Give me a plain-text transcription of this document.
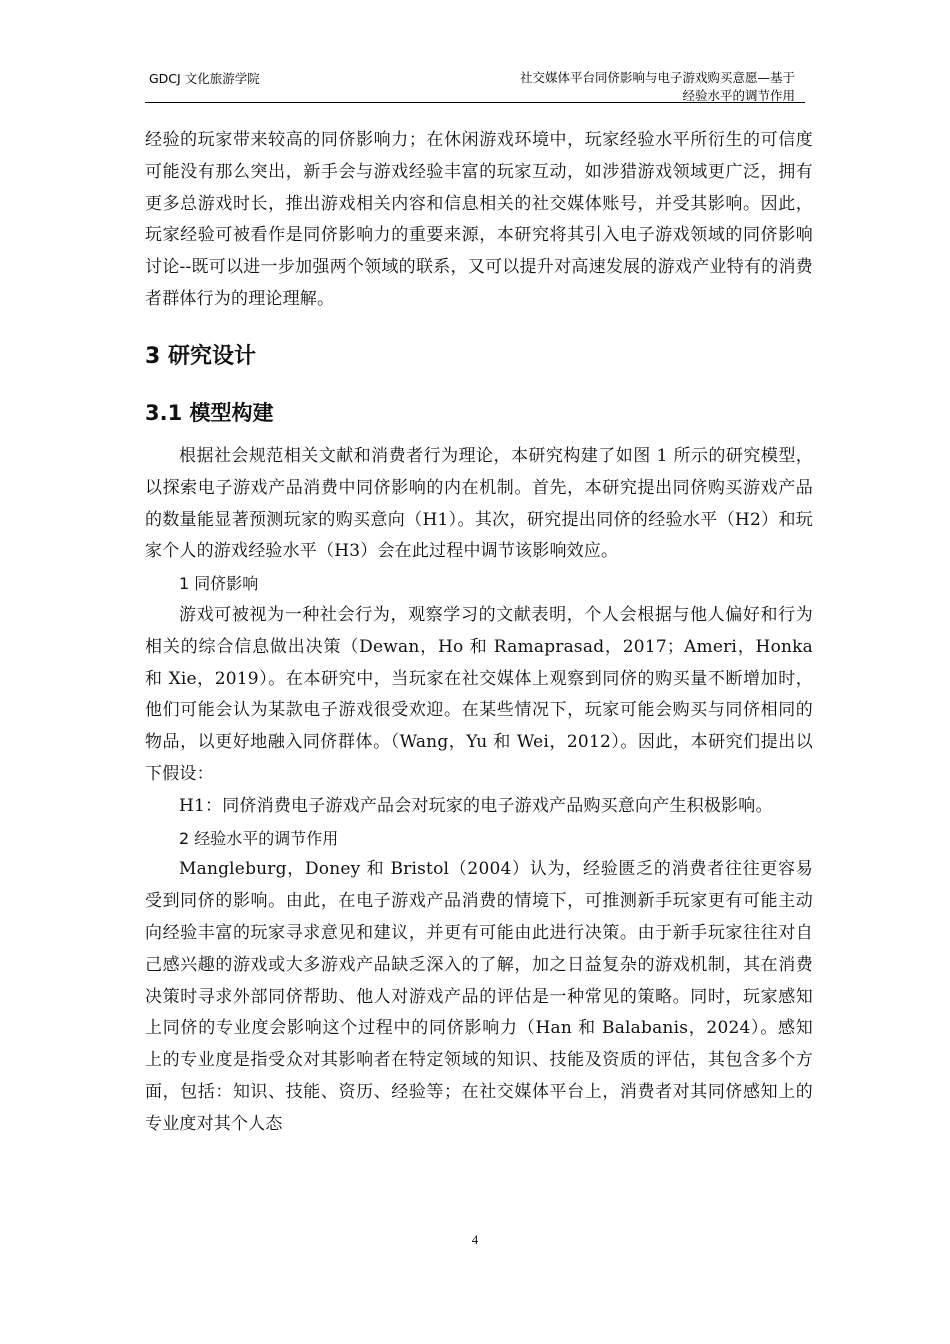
GDCJ 文化旅游学院	社交媒体平台同侪影响与电子游戏购买意愿—基于
经验水平的调节作用

经验的玩家带来较高的同侪影响力；在休闲游戏环境中，玩家经验水平所衍生的可信度可能没有那么突出，新手会与游戏经验丰富的玩家互动，如涉猎游戏领域更广泛，拥有更多总游戏时长，推出游戏相关内容和信息相关的社交媒体账号，并受其影响。因此，玩家经验可被看作是同侪影响力的重要来源，本研究将其引入电子游戏领域的同侪影响讨论--既可以进一步加强两个领域的联系，又可以提升对高速发展的游戏产业特有的消费者群体行为的理论理解。

3 研究设计
3.1 模型构建

根据社会规范相关文献和消费者行为理论，本研究构建了如图 1 所示的研究模型，以探索电子游戏产品消费中同侪影响的内在机制。首先，本研究提出同侪购买游戏产品的数量能显著预测玩家的购买意向（H1）。其次，研究提出同侪的经验水平（H2）和玩家个人的游戏经验水平（H3）会在此过程中调节该影响效应。

1 同侪影响

游戏可被视为一种社会行为，观察学习的文献表明，个人会根据与他人偏好和行为相关的综合信息做出决策（Dewan，Ho 和 Ramaprasad，2017；Ameri，Honka 和 Xie，2019）。在本研究中，当玩家在社交媒体上观察到同侪的购买量不断增加时，他们可能会认为某款电子游戏很受欢迎。在某些情况下，玩家可能会购买与同侪相同的物品，以更好地融入同侪群体。（Wang，Yu 和 Wei，2012）。因此，本研究们提出以下假设：

H1：同侪消费电子游戏产品会对玩家的电子游戏产品购买意向产生积极影响。

2 经验水平的调节作用

Mangleburg，Doney 和 Bristol（2004）认为，经验匮乏的消费者往往更容易受到同侪的影响。由此，在电子游戏产品消费的情境下，可推测新手玩家更有可能主动向经验丰富的玩家寻求意见和建议，并更有可能由此进行决策。由于新手玩家往往对自己感兴趣的游戏或大多游戏产品缺乏深入的了解，加之日益复杂的游戏机制，其在消费决策时寻求外部同侪帮助、他人对游戏产品的评估是一种常见的策略。同时，玩家感知上同侪的专业度会影响这个过程中的同侪影响力（Han 和 Balabanis，2024）。感知上的专业度是指受众对其影响者在特定领域的知识、技能及资质的评估，其包含多个方面，包括：知识、技能、资历、经验等；在社交媒体平台上，消费者对其同侪感知上的专业度对其个人态

4
